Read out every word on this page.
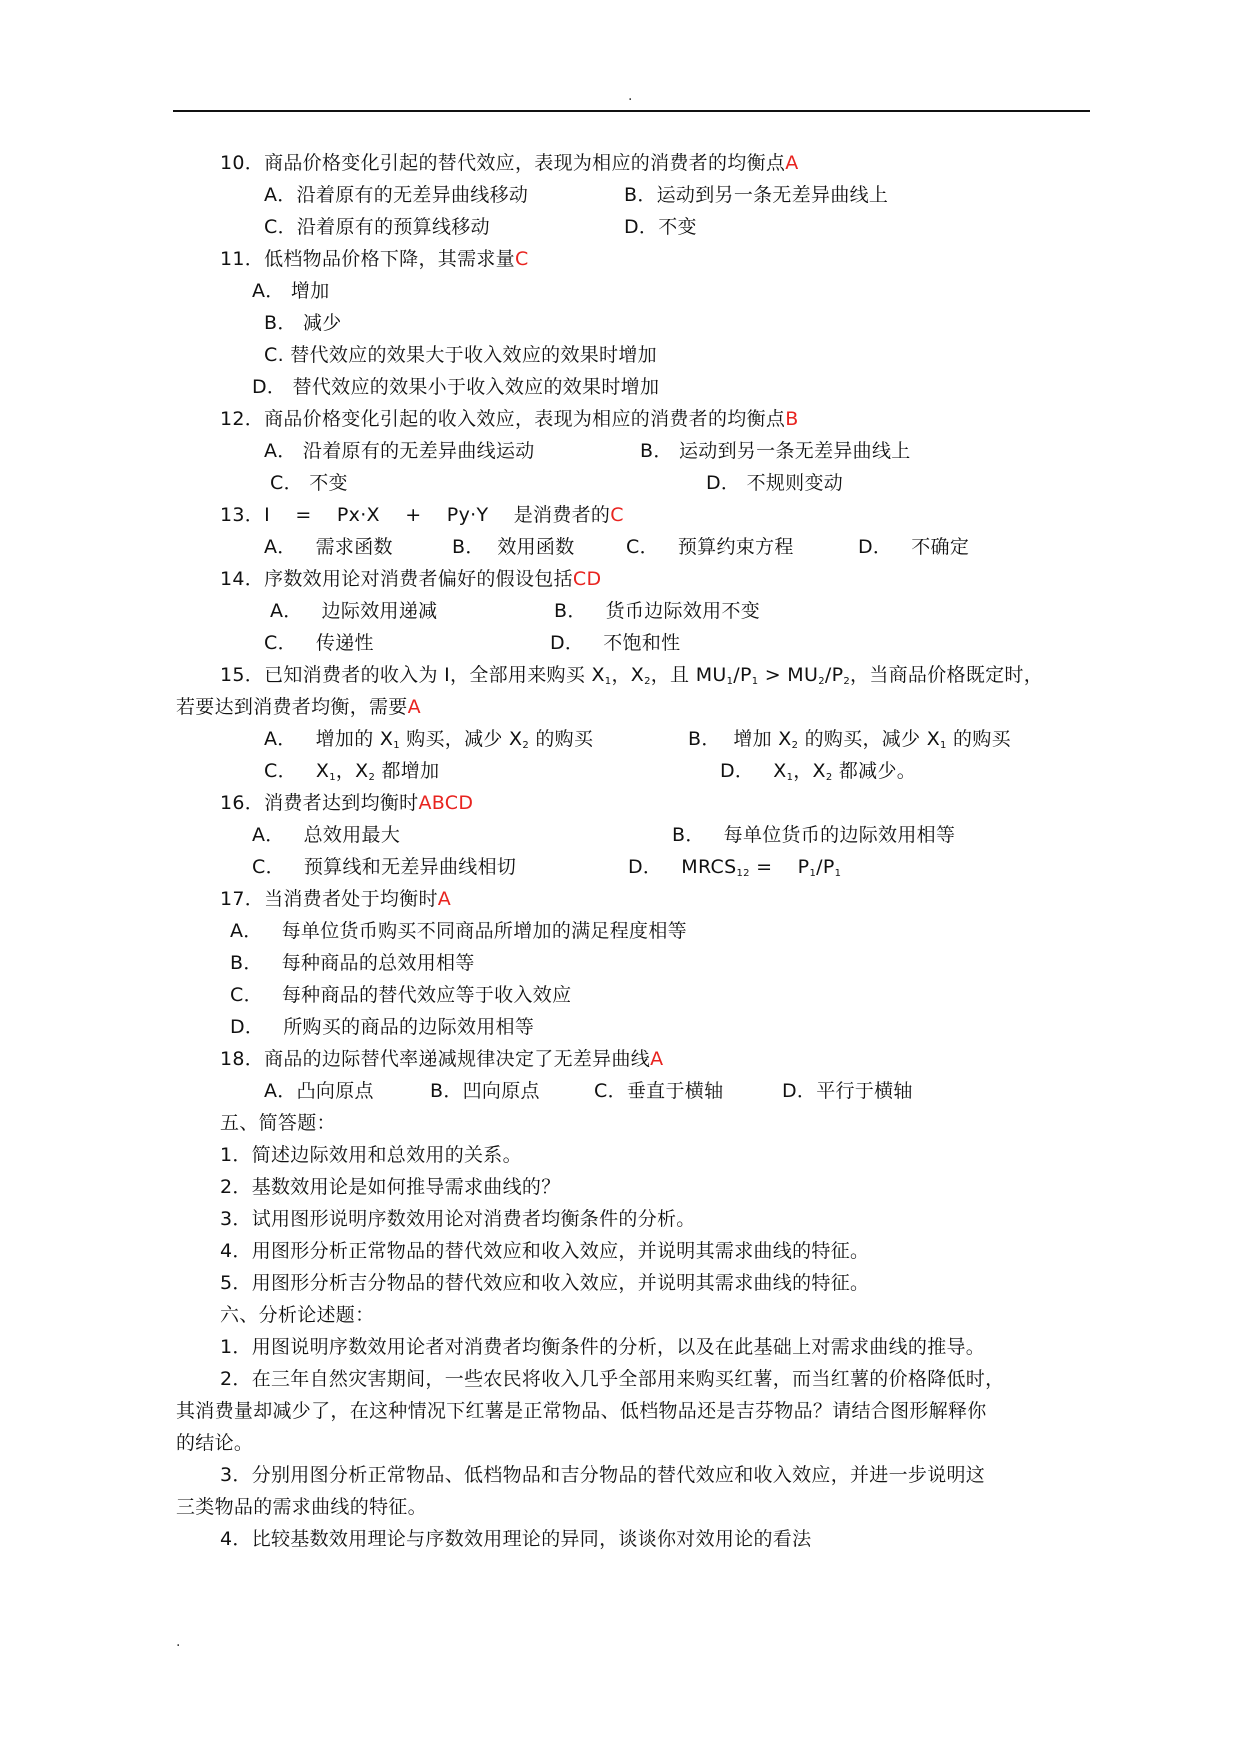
.
10．商品价格变化引起的替代效应，表现为相应的消费者的均衡点A
A．沿着原有的无差异曲线移动	B．运动到另一条无差异曲线上
C．沿着原有的预算线移动	D．不变
11．低档物品价格下降，其需求量C
A． 增加
B． 减少
C. 替代效应的效果大于收入效应的效果时增加
D． 替代效应的效果小于收入效应的效果时增加
12．商品价格变化引起的收入效应，表现为相应的消费者的均衡点B
A． 沿着原有的无差异曲线运动	B． 运动到另一条无差异曲线上
C． 不变	D． 不规则变动
13．I    =    Px·X    +    Py·Y    是消费者的C
A．   需求函数	B．  效用函数	C．   预算约束方程	D．   不确定
14．序数效用论对消费者偏好的假设包括CD
A．   边际效用递减	B．   货币边际效用不变
C．   传递性	D．   不饱和性
15．已知消费者的收入为 I，全部用来购买 $X_1$，$X_2$，且 $MU_1/P_1 > MU_2/P_2$，当商品价格既定时，
若要达到消费者均衡，需要A
A．   增加的 $X_1$ 购买，减少 $X_2$ 的购买	B．  增加 $X_2$ 的购买，减少 $X_1$ 的购买
C．   $X_1$，$X_2$ 都增加	D．   $X_1$，$X_2$ 都减少。
16．消费者达到均衡时ABCD
A．   总效用最大	B．   每单位货币的边际效用相等
C．   预算线和无差异曲线相切	D．   $MRCS_{12}$ =    $P_1/P_1$
17．当消费者处于均衡时A
A．   每单位货币购买不同商品所增加的满足程度相等
B．   每种商品的总效用相等
C．   每种商品的替代效应等于收入效应
D．   所购买的商品的边际效用相等
18．商品的边际替代率递减规律决定了无差异曲线A
A．凸向原点	B．凹向原点	C．垂直于横轴	D．平行于横轴
五、简答题：
1．简述边际效用和总效用的关系。
2．基数效用论是如何推导需求曲线的？
3．试用图形说明序数效用论对消费者均衡条件的分析。
4．用图形分析正常物品的替代效应和收入效应，并说明其需求曲线的特征。
5．用图形分析吉分物品的替代效应和收入效应，并说明其需求曲线的特征。
六、分析论述题：
1．用图说明序数效用论者对消费者均衡条件的分析，以及在此基础上对需求曲线的推导。
2．在三年自然灾害期间，一些农民将收入几乎全部用来购买红薯，而当红薯的价格降低时，
其消费量却减少了，在这种情况下红薯是正常物品、低档物品还是吉芬物品？请结合图形解释你
的结论。
3．分别用图分析正常物品、低档物品和吉分物品的替代效应和收入效应，并进一步说明这
三类物品的需求曲线的特征。
4．比较基数效用理论与序数效用理论的异同，谈谈你对效用论的看法
.
